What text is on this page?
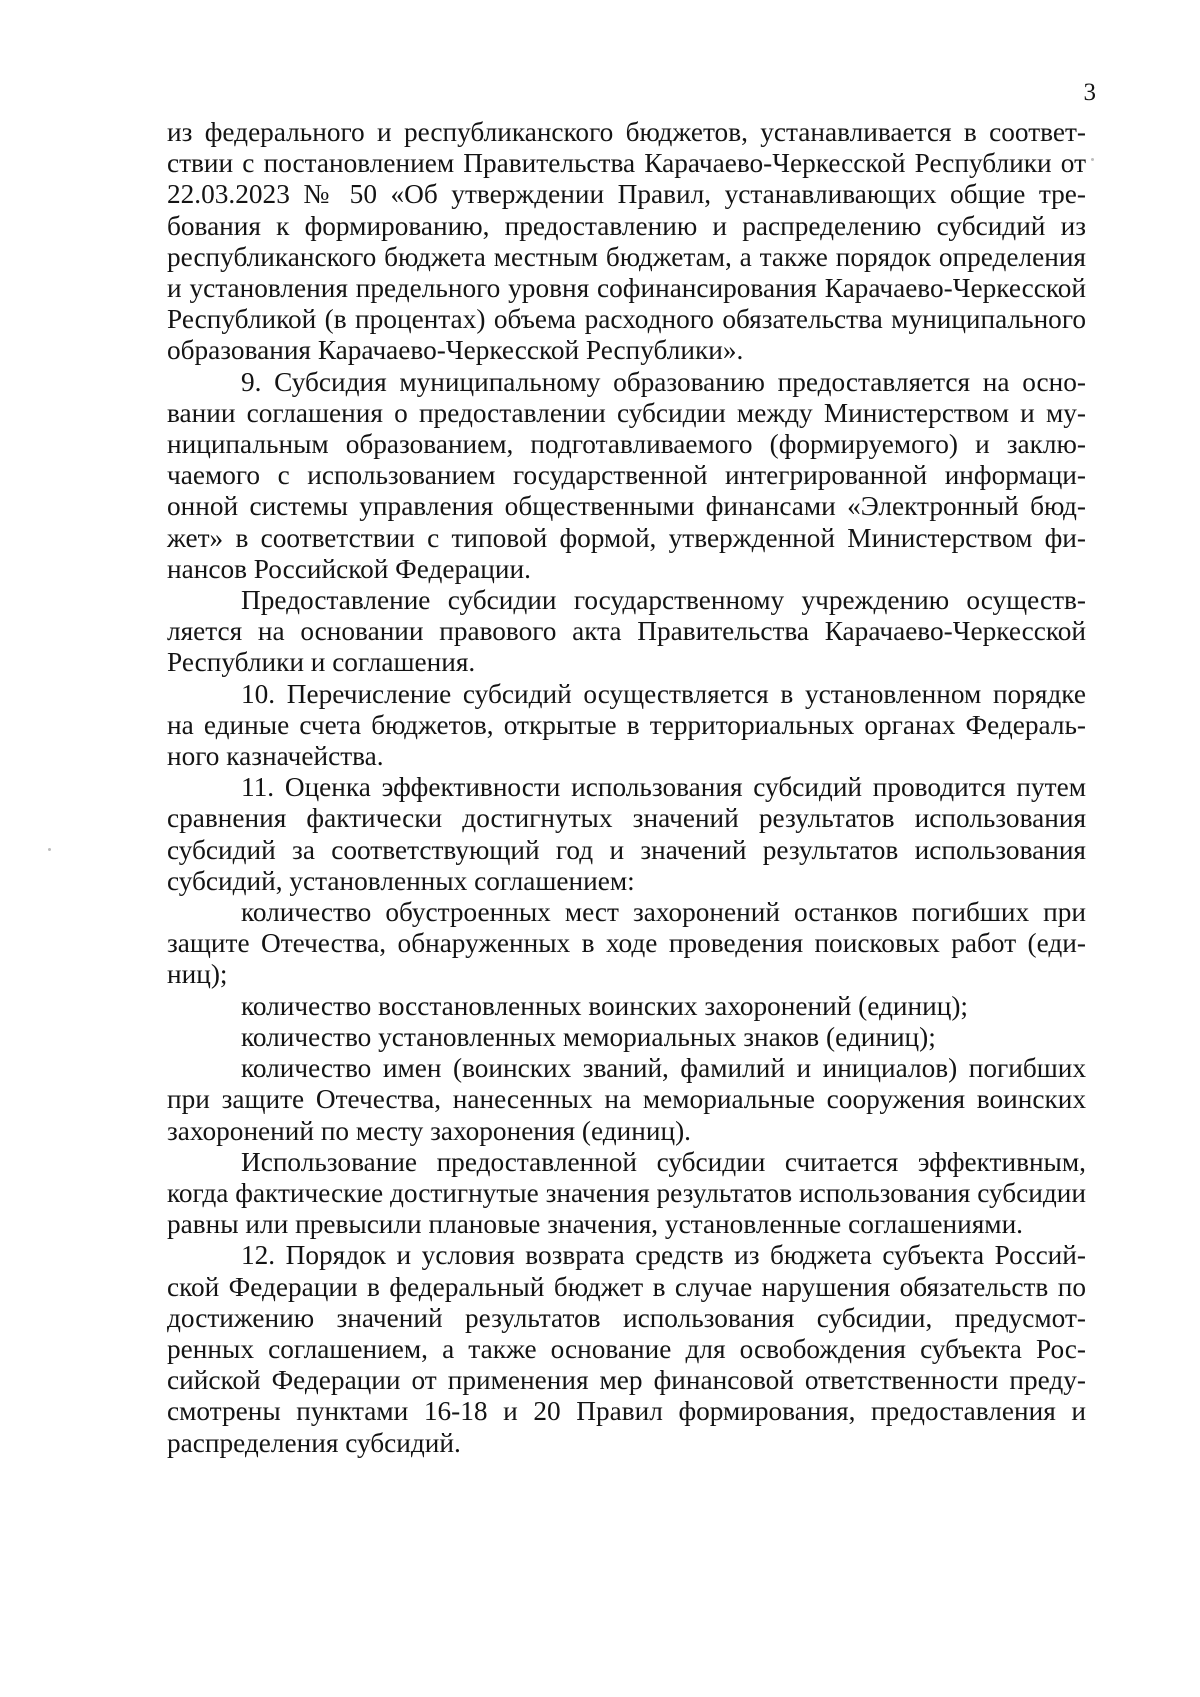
3

из федерального и республиканского бюджетов, устанавливается в соответствии с постановлением Правительства Карачаево-Черкесской Республики от 22.03.2023 № 50 «Об утверждении Правил, устанавливающих общие требования к формированию, предоставлению и распределению субсидий из республиканского бюджета местным бюджетам, а также порядок определения и установления предельного уровня софинансирования Карачаево-Черкесской Республикой (в процентах) объема расходного обязательства муниципального образования Карачаево-Черкесской Республики».

9. Субсидия муниципальному образованию предоставляется на основании соглашения о предоставлении субсидии между Министерством и муниципальным образованием, подготавливаемого (формируемого) и заключаемого с использованием государственной интегрированной информационной системы управления общественными финансами «Электронный бюджет» в соответствии с типовой формой, утвержденной Министерством финансов Российской Федерации.

Предоставление субсидии государственному учреждению осуществляется на основании правового акта Правительства Карачаево-Черкесской Республики и соглашения.

10. Перечисление субсидий осуществляется в установленном порядке на единые счета бюджетов, открытые в территориальных органах Федерального казначейства.

11. Оценка эффективности использования субсидий проводится путем сравнения фактически достигнутых значений результатов использования субсидий за соответствующий год и значений результатов использования субсидий, установленных соглашением:

количество обустроенных мест захоронений останков погибших при защите Отечества, обнаруженных в ходе проведения поисковых работ (единиц);

количество восстановленных воинских захоронений (единиц);

количество установленных мемориальных знаков (единиц);

количество имен (воинских званий, фамилий и инициалов) погибших при защите Отечества, нанесенных на мемориальные сооружения воинских захоронений по месту захоронения (единиц).

Использование предоставленной субсидии считается эффективным, когда фактические достигнутые значения результатов использования субсидии равны или превысили плановые значения, установленные соглашениями.

12. Порядок и условия возврата средств из бюджета субъекта Российской Федерации в федеральный бюджет в случае нарушения обязательств по достижению значений результатов использования субсидии, предусмотренных соглашением, а также основание для освобождения субъекта Российской Федерации от применения мер финансовой ответственности предусмотрены пунктами 16-18 и 20 Правил формирования, предоставления и распределения субсидий.
